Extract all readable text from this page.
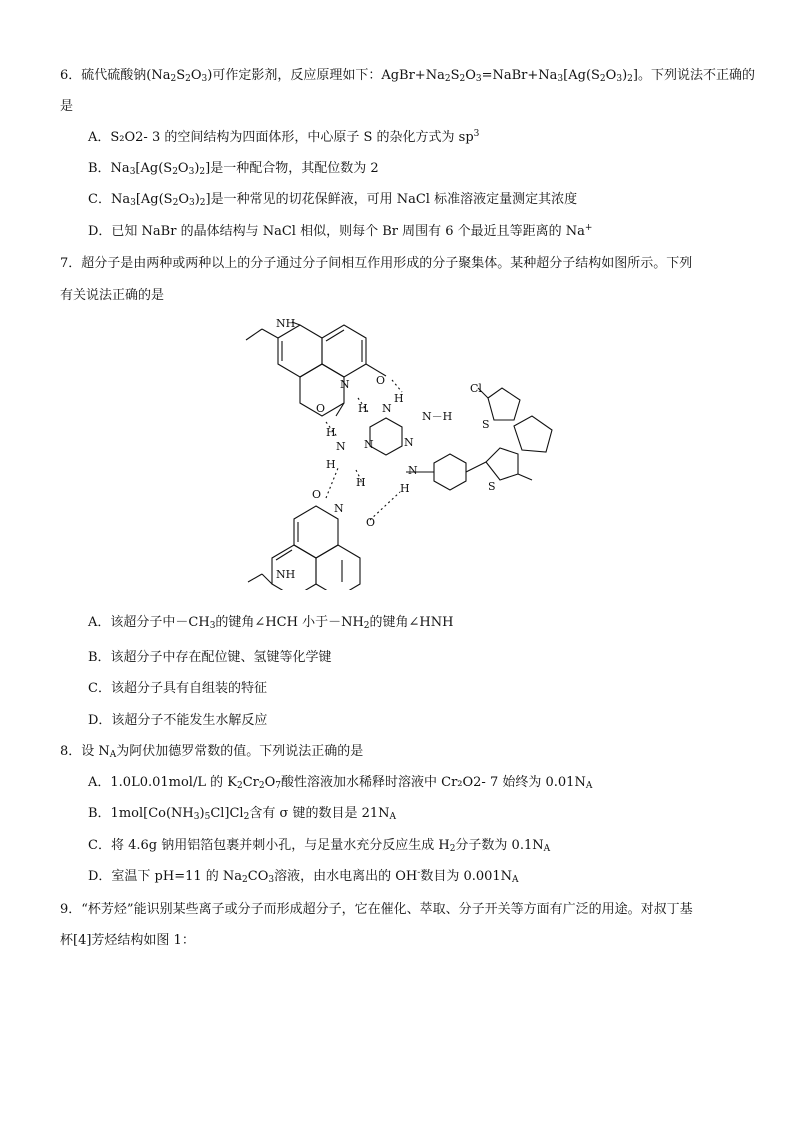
6．硫代硫酸钠$(Na_2S_2O_3)$可作定影剂，反应原理如下：$AgBr+Na_2S_2O_3=NaBr+Na_3[Ag(S_2O_3)_2]$。下列说法不正确的
是
A．S₂O2- 3 的空间结构为四面体形，中心原子 S 的杂化方式为 $sp^3$
B．$Na_3[Ag(S_2O_3)_2]$是一种配合物，其配位数为 2
C．$Na_3[Ag(S_2O_3)_2]$是一种常见的切花保鲜液，可用 NaCl 标准溶液定量测定其浓度
D．已知 NaBr 的晶体结构与 NaCl 相似，则每个 Br 周围有 6 个最近且等距离的 Na+
7．超分子是由两种或两种以上的分子通过分子间相互作用形成的分子聚集体。某种超分子结构如图所示。下列
有关说法正确的是
NH
N O
O
H
N－H
H N
H
N	N
N
H	N
H	H
O
N
O
NH
Cl
S
S
A．该超分子中$-CH_3$的键角∠HCH 小于$-NH_2$的键角∠HNH
B．该超分子中存在配位键、氢键等化学键
C．该超分子具有自组装的特征
D．该超分子不能发生水解反应
8．设 $N_A$为阿伏加德罗常数的值。下列说法正确的是
A．1.0L0.01mol/L 的 $K_2Cr_2O_7$酸性溶液加水稀释时溶液中 Cr₂O2- 7 始终为 $0.01N_A$
B．$1mol[Co(NH_3)_5Cl]Cl_2$含有 σ 键的数目是 $21N_A$
C．将 4.6g 钠用铝箔包裹并刺小孔，与足量水充分反应生成 $H_2$分子数为 $0.1N_A$
D．室温下 pH=11 的 $Na_2CO_3$溶液，由水电离出的 OH-数目为 $0.001N_A$
9．“杯芳烃”能识别某些离子或分子而形成超分子，它在催化、萃取、分子开关等方面有广泛的用途。对叔丁基
杯[4]芳烃结构如图 1：
